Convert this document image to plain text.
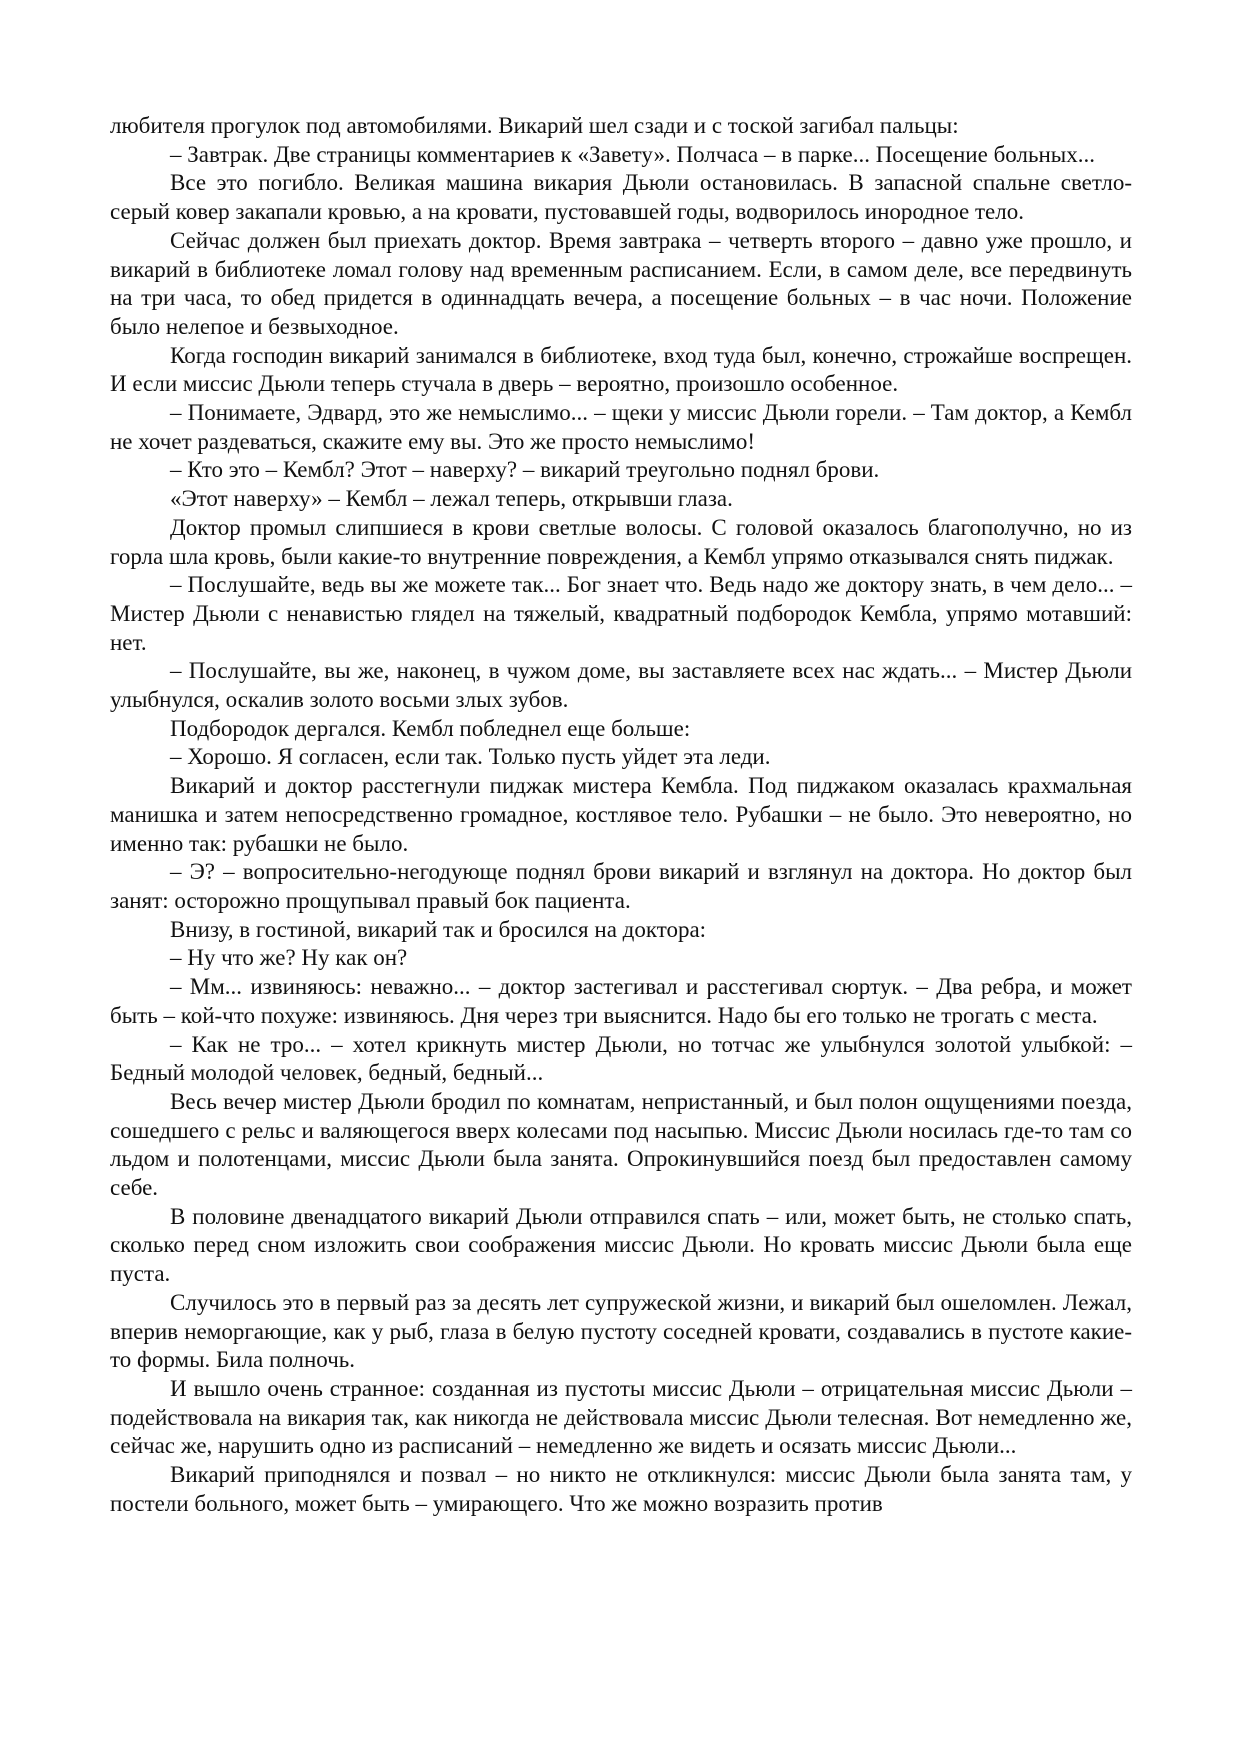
любителя прогулок под автомобилями. Викарий шел сзади и с тоской загибал пальцы:

– Завтрак. Две страницы комментариев к «Завету». Полчаса – в парке... Посещение больных...

Все это погибло. Великая машина викария Дьюли остановилась. В запасной спальне светло-серый ковер закапали кровью, а на кровати, пустовавшей годы, водворилось инородное тело.

Сейчас должен был приехать доктор. Время завтрака – четверть второго – давно уже прошло, и викарий в библиотеке ломал голову над временным расписанием. Если, в самом деле, все передвинуть на три часа, то обед придется в одиннадцать вечера, а посещение больных – в час ночи. Положение было нелепое и безвыходное.

Когда господин викарий занимался в библиотеке, вход туда был, конечно, строжайше воспрещен. И если миссис Дьюли теперь стучала в дверь – вероятно, произошло особенное.

– Понимаете, Эдвард, это же немыслимо... – щеки у миссис Дьюли горели. – Там доктор, а Кембл не хочет раздеваться, скажите ему вы. Это же просто немыслимо!

– Кто это – Кембл? Этот – наверху? – викарий треугольно поднял брови.

«Этот наверху» – Кембл – лежал теперь, открывши глаза.

Доктор промыл слипшиеся в крови светлые волосы. С головой оказалось благополучно, но из горла шла кровь, были какие-то внутренние повреждения, а Кембл упрямо отказывался снять пиджак.

– Послушайте, ведь вы же можете так... Бог знает что. Ведь надо же доктору знать, в чем дело... – Мистер Дьюли с ненавистью глядел на тяжелый, квадратный подбородок Кембла, упрямо мотавший: нет.

– Послушайте, вы же, наконец, в чужом доме, вы заставляете всех нас ждать... – Мистер Дьюли улыбнулся, оскалив золото восьми злых зубов.

Подбородок дергался. Кембл побледнел еще больше:

– Хорошо. Я согласен, если так. Только пусть уйдет эта леди.

Викарий и доктор расстегнули пиджак мистера Кембла. Под пиджаком оказалась крахмальная манишка и затем непосредственно громадное, костлявое тело. Рубашки – не было. Это невероятно, но именно так: рубашки не было.

– Э? – вопросительно-негодующе поднял брови викарий и взглянул на доктора. Но доктор был занят: осторожно прощупывал правый бок пациента.

Внизу, в гостиной, викарий так и бросился на доктора:

– Ну что же? Ну как он?

– Мм... извиняюсь: неважно... – доктор застегивал и расстегивал сюртук. – Два ребра, и может быть – кой-что похуже: извиняюсь. Дня через три выяснится. Надо бы его только не трогать с места.

– Как не тро... – хотел крикнуть мистер Дьюли, но тотчас же улыбнулся золотой улыбкой: – Бедный молодой человек, бедный, бедный...

Весь вечер мистер Дьюли бродил по комнатам, непристанный, и был полон ощущениями поезда, сошедшего с рельс и валяющегося вверх колесами под насыпью. Миссис Дьюли носилась где-то там со льдом и полотенцами, миссис Дьюли была занята. Опрокинувшийся поезд был предоставлен самому себе.

В половине двенадцатого викарий Дьюли отправился спать – или, может быть, не столько спать, сколько перед сном изложить свои соображения миссис Дьюли. Но кровать миссис Дьюли была еще пуста.

Случилось это в первый раз за десять лет супружеской жизни, и викарий был ошеломлен. Лежал, вперив неморгающие, как у рыб, глаза в белую пустоту соседней кровати, создавались в пустоте какие-то формы. Била полночь.

И вышло очень странное: созданная из пустоты миссис Дьюли – отрицательная миссис Дьюли – подействовала на викария так, как никогда не действовала миссис Дьюли телесная. Вот немедленно же, сейчас же, нарушить одно из расписаний – немедленно же видеть и осязать миссис Дьюли...

Викарий приподнялся и позвал – но никто не откликнулся: миссис Дьюли была занята там, у постели больного, может быть – умирающего. Что же можно возразить против
